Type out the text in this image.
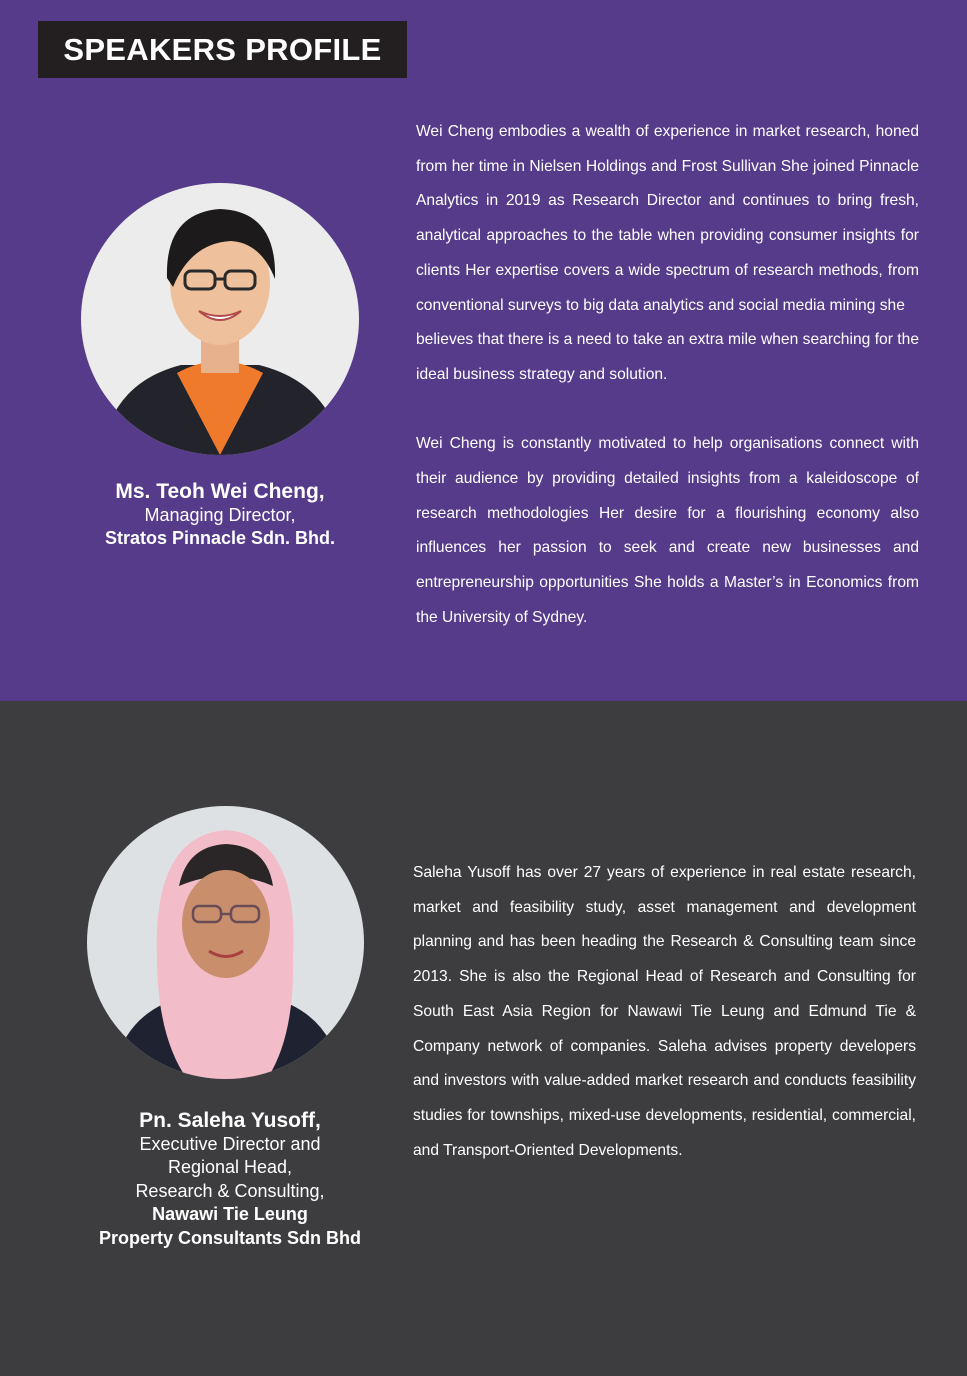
SPEAKERS PROFILE
Ms. Teoh Wei Cheng,
Managing Director,
Stratos Pinnacle Sdn. Bhd.

Wei Cheng embodies a wealth of experience in market research, honed from her time in Nielsen Holdings and Frost Sullivan She joined Pinnacle Analytics in 2019 as Research Director and continues to bring fresh, analytical approaches to the table when providing consumer insights for clients Her expertise covers a wide spectrum of research methods, from conventional surveys to big data analytics and social media mining she

believes that there is a need to take an extra mile when searching for the ideal business strategy and solution.

Wei Cheng is constantly motivated to help organisations connect with their audience by providing detailed insights from a kaleidoscope of research methodologies Her desire for a flourishing economy also influences her passion to seek and create new businesses and entrepreneurship opportunities She holds a Master’s in Economics from the University of Sydney.

Pn. Saleha Yusoff,
Executive Director and
Regional Head,
Research & Consulting,
Nawawi Tie Leung
Property Consultants Sdn Bhd

Saleha Yusoff has over 27 years of experience in real estate research, market and feasibility study, asset management and development planning and has been heading the Research & Consulting team since 2013. She is also the Regional Head of Research and Consulting for South East Asia Region for Nawawi Tie Leung and Edmund Tie & Company network of companies. Saleha advises property developers and investors with value-added market research and conducts feasibility studies for townships, mixed-use developments, residential, commercial, and Transport-Oriented Developments.
